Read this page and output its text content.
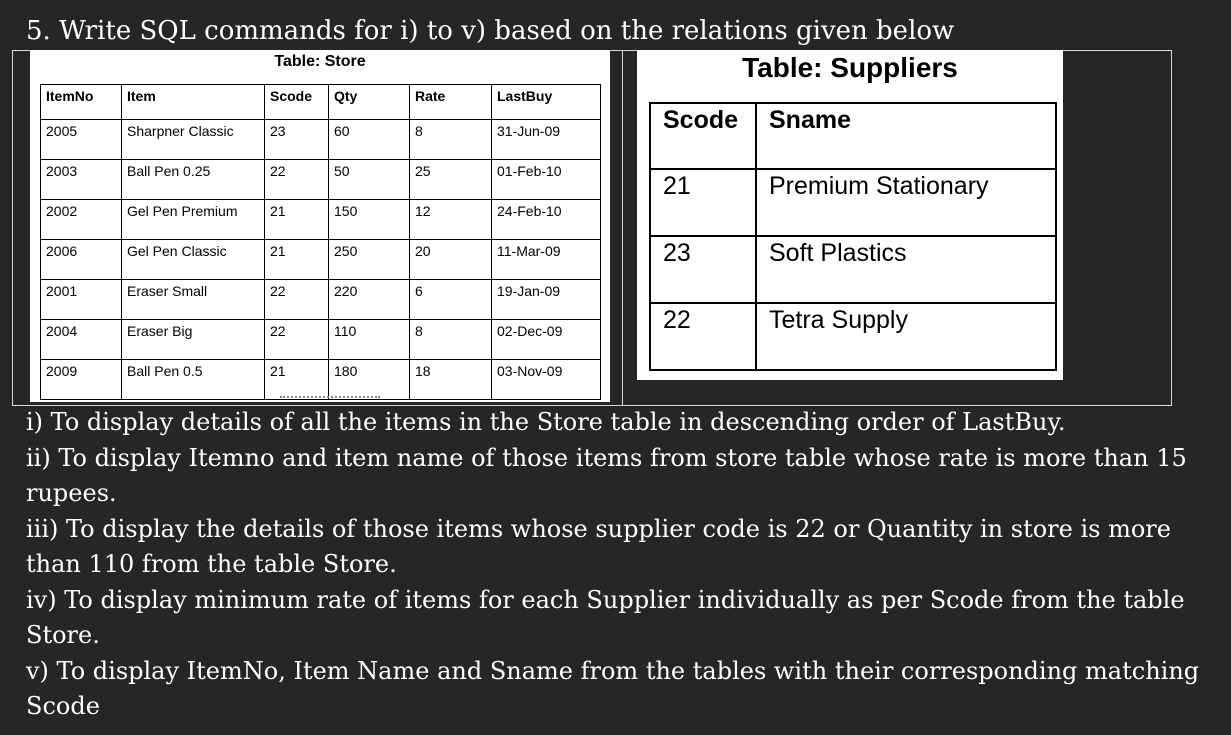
5. Write SQL commands for i) to v) based on the relations given below
Table: Store
ItemNo	Item	Scode	Qty	Rate	LastBuy
2005	Sharpner Classic	23	60	8	31-Jun-09
2003	Ball Pen 0.25	22	50	25	01-Feb-10
2002	Gel Pen Premium	21	150	12	24-Feb-10
2006	Gel Pen Classic	21	250	20	11-Mar-09
2001	Eraser Small	22	220	6	19-Jan-09
2004	Eraser Big	22	110	8	02-Dec-09
2009	Ball Pen 0.5	21	180	18	03-Nov-09
Table: Suppliers
Scode	Sname
21	Premium Stationary
23	Soft Plastics
22	Tetra Supply

i) To display details of all the items in the Store table in descending order of LastBuy.

ii) To display Itemno and item name of those items from store table whose rate is more than 15 rupees.

iii) To display the details of those items whose supplier code is 22 or Quantity in store is more than 110 from the table Store.

iv) To display minimum rate of items for each Supplier individually as per Scode from the table Store.

v) To display ItemNo, Item Name and Sname from the tables with their corresponding matching Scode
